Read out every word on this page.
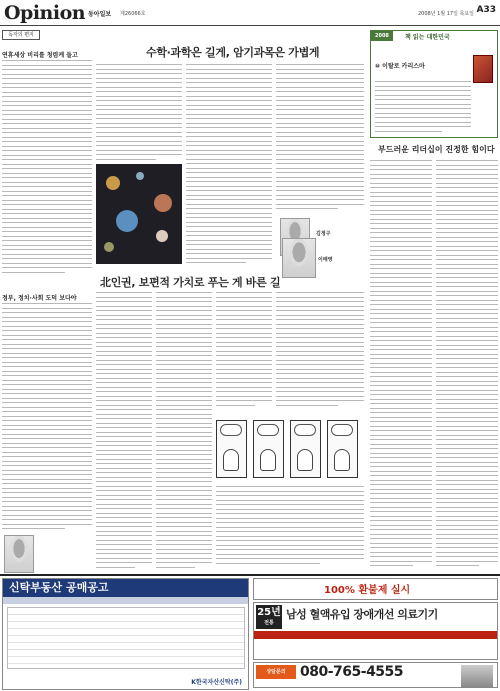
Opinion 동아일보 제26066호	2008년 1월 17일 목요일 A33
독자의 편지
연휴세상 비리를 청렴케 들고
정부, 정치·사회 도덕 보다야
수학·과학은 길게, 암기과목은 가볍게
김정구
北인권, 보편적 가치로 푸는 게 바른 길
이태영
2008	책 읽는 대한민국
⑩ 이탈로 카리스마
부드러운 리더십이 진정한 힘이다
신탁부동산 공매공고
K한국자산신탁(주)
100% 환불제 실시
25년
전통
남성 혈액유입 장애개선 의료기기
상담문의	080-765-4555
